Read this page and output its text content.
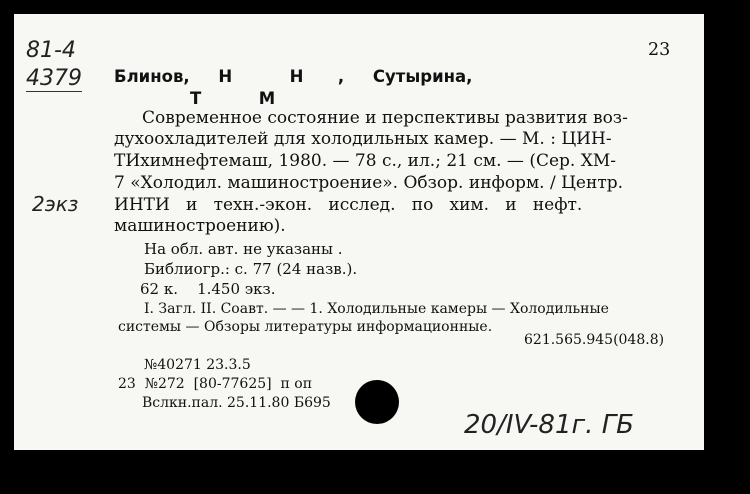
81-4
4379
2экз
23
Блинов,     Н          Н      ,     Сутырина,
Т          М
Современное состояние и перспективы развития воз-
духоохладителей для холодильных камер. — М. : ЦИН-
ТИхимнефтемаш, 1980. — 78 с., ил.; 21 см. — (Сер. ХМ-
7 «Холодил. машиностроение». Обзор. информ. / Центр.
ИНТИ   и   техн.-экон.   исслед.   по   хим.   и   нефт.
машиностроению).
На обл. авт. не указаны .
Библиогр.: с. 77 (24 назв.).
62 к.    1.450 экз.
I. Загл. II. Соавт. — — 1. Холодильные камеры — Холодильные
системы — Обзоры литературы информационные.
621.565.945(048.8)
№40271 23.3.5
23  №272  [80-77625]  п оп
Вслкн.пал. 25.11.80 Б695
20/IV-81г. ГБ
